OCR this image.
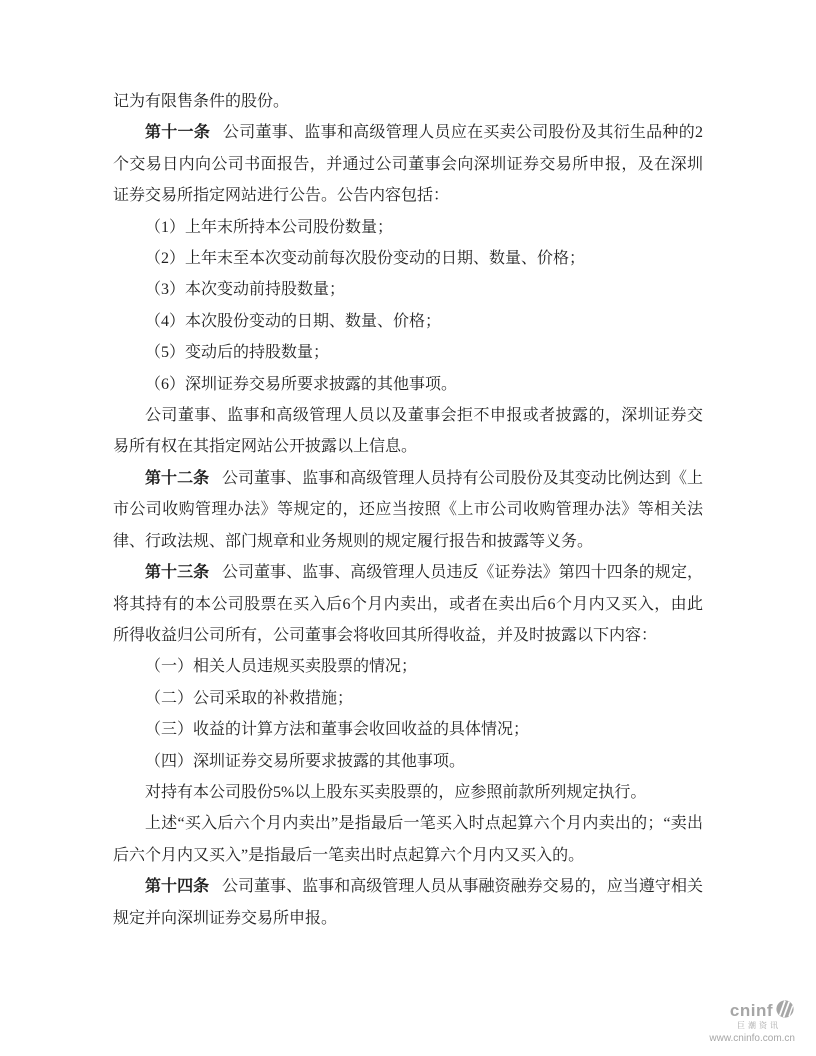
记为有限售条件的股份。

第十一条 公司董事、监事和高级管理人员应在买卖公司股份及其衍生品种的2个交易日内向公司书面报告，并通过公司董事会向深圳证券交易所申报，及在深圳证券交易所指定网站进行公告。公告内容包括：

（1）上年末所持本公司股份数量；

（2）上年末至本次变动前每次股份变动的日期、数量、价格；

（3）本次变动前持股数量；

（4）本次股份变动的日期、数量、价格；

（5）变动后的持股数量；

（6）深圳证券交易所要求披露的其他事项。

公司董事、监事和高级管理人员以及董事会拒不申报或者披露的，深圳证券交易所有权在其指定网站公开披露以上信息。

第十二条 公司董事、监事和高级管理人员持有公司股份及其变动比例达到《上市公司收购管理办法》等规定的，还应当按照《上市公司收购管理办法》等相关法律、行政法规、部门规章和业务规则的规定履行报告和披露等义务。

第十三条 公司董事、监事、高级管理人员违反《证券法》第四十四条的规定，将其持有的本公司股票在买入后6个月内卖出，或者在卖出后6个月内又买入，由此所得收益归公司所有，公司董事会将收回其所得收益，并及时披露以下内容：

（一）相关人员违规买卖股票的情况；

（二）公司采取的补救措施；

（三）收益的计算方法和董事会收回收益的具体情况；

（四）深圳证券交易所要求披露的其他事项。

对持有本公司股份5%以上股东买卖股票的，应参照前款所列规定执行。

上述“买入后六个月内卖出”是指最后一笔买入时点起算六个月内卖出的；“卖出后六个月内又买入”是指最后一笔卖出时点起算六个月内又买入的。

第十四条 公司董事、监事和高级管理人员从事融资融券交易的，应当遵守相关规定并向深圳证券交易所申报。

cninf
巨潮资讯
www.cninfo.com.cn
